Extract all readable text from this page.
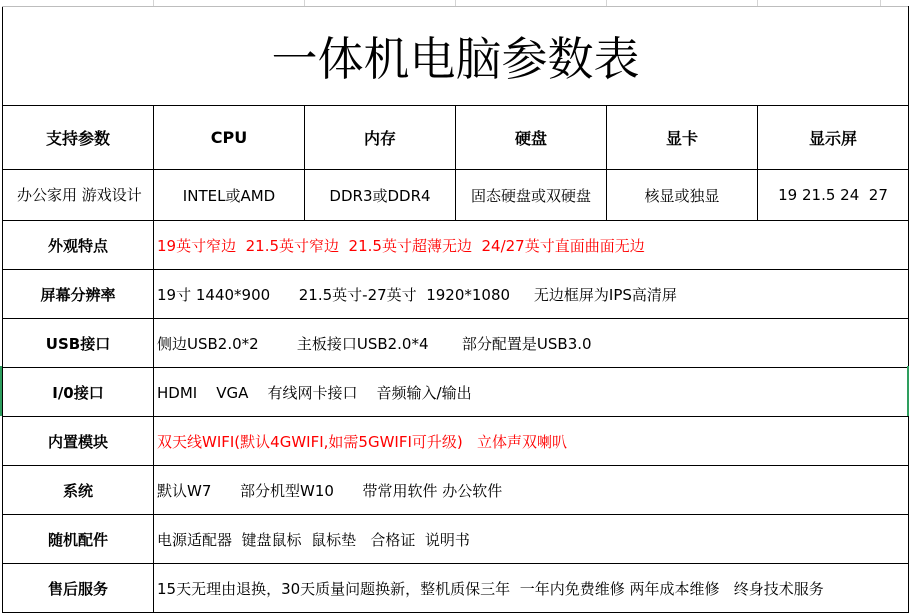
一体机电脑参数表					
支持参数	CPU	内存	硬盘	显卡	显示屏
办公家用 游戏设计	INTEL或AMD	DDR3或DDR4	固态硬盘或双硬盘	核显或独显	19 21.5 24  27
外观特点	19英寸窄边  21.5英寸窄边  21.5英寸超薄无边  24/27英寸直面曲面无边				
屏幕分辨率	19寸 1440*900      21.5英寸-27英寸  1920*1080     无边框屏为IPS高清屏				
USB接口	侧边USB2.0*2        主板接口USB2.0*4       部分配置是USB3.0				
I/0接口	HDMI    VGA    有线网卡接口    音频输入/输出				
内置模块	双天线WIFI(默认4GWIFI,如需5GWIFI可升级)   立体声双喇叭				
系统	默认W7      部分机型W10      带常用软件 办公软件				
随机配件	电源适配器  键盘鼠标  鼠标垫   合格证  说明书				
售后服务	15天无理由退换，30天质量问题换新，整机质保三年  一年内免费维修 两年成本维修   终身技术服务				
